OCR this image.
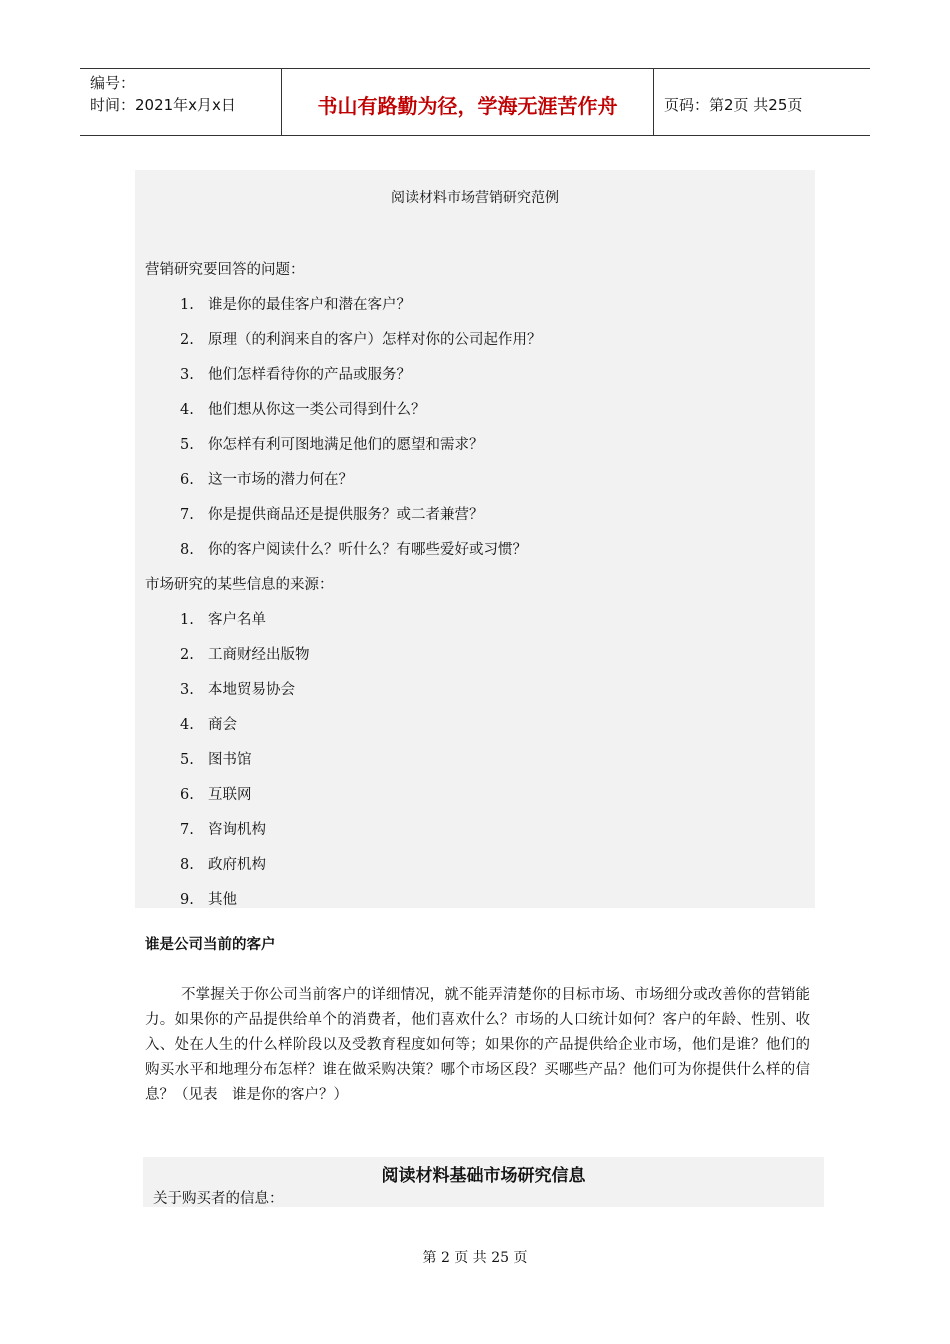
编号：
时间：2021年x月x日	书山有路勤为径，学海无涯苦作舟	页码：第2页 共25页
阅读材料市场营销研究范例
营销研究要回答的问题：
1. 谁是你的最佳客户和潜在客户？
2. 原理（的利润来自的客户）怎样对你的公司起作用？
3. 他们怎样看待你的产品或服务？
4. 他们想从你这一类公司得到什么？
5. 你怎样有利可图地满足他们的愿望和需求？
6. 这一市场的潜力何在？
7. 你是提供商品还是提供服务？或二者兼营？
8. 你的客户阅读什么？听什么？有哪些爱好或习惯？
市场研究的某些信息的来源：
1. 客户名单
2. 工商财经出版物
3. 本地贸易协会
4. 商会
5. 图书馆
6. 互联网
7. 咨询机构
8. 政府机构
9. 其他
谁是公司当前的客户
不掌握关于你公司当前客户的详细情况，就不能弄清楚你的目标市场、市场细分或改善你的营销能力。如果你的产品提供给单个的消费者，他们喜欢什么？市场的人口统计如何？客户的年龄、性别、收入、处在人生的什么样阶段以及受教育程度如何等；如果你的产品提供给企业市场，他们是谁？他们的购买水平和地理分布怎样？谁在做采购决策？哪个市场区段？买哪些产品？他们可为你提供什么样的信息？（见表　谁是你的客户？）
阅读材料基础市场研究信息
关于购买者的信息：
第 2 页 共 25 页
